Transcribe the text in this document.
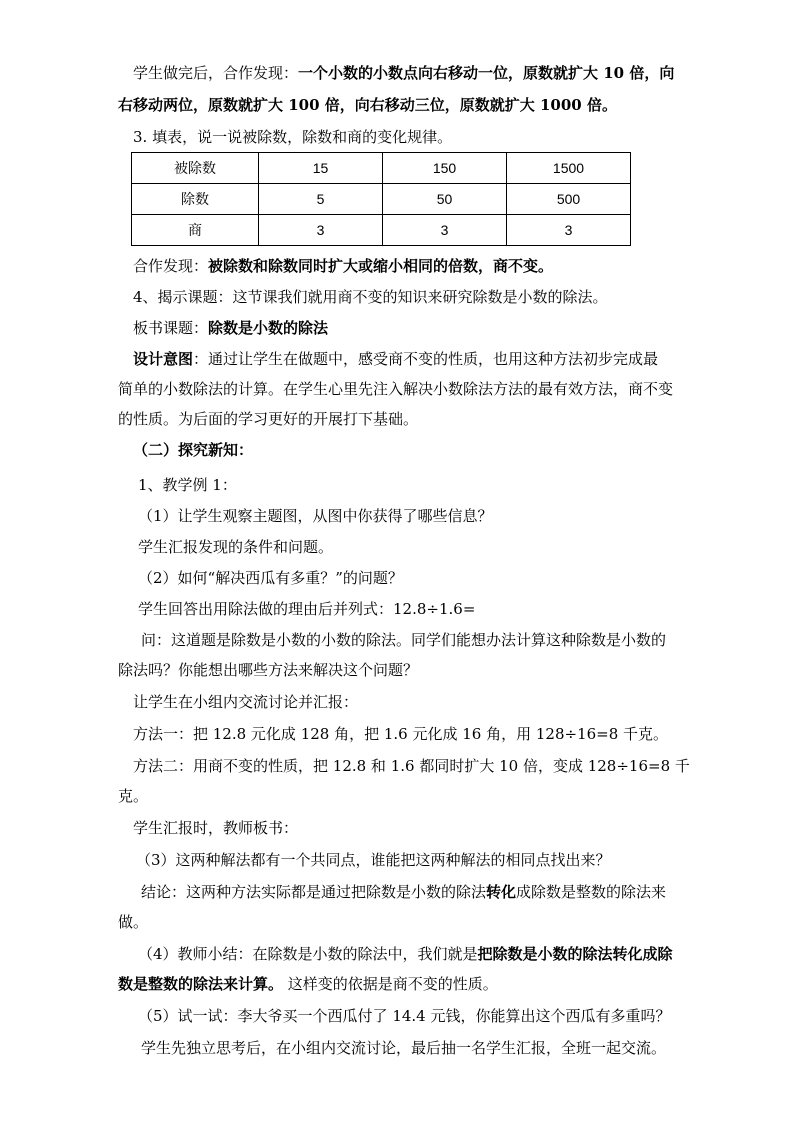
学生做完后，合作发现：一个小数的小数点向右移动一位，原数就扩大 10 倍，向
右移动两位，原数就扩大 100 倍，向右移动三位，原数就扩大 1000 倍。
3. 填表，说一说被除数，除数和商的变化规律。
被除数	15	150	1500
除数	5	50	500
商	3	3	3
合作发现：被除数和除数同时扩大或缩小相同的倍数，商不变。
4、揭示课题：这节课我们就用商不变的知识来研究除数是小数的除法。
板书课题：除数是小数的除法
设计意图：通过让学生在做题中，感受商不变的性质，也用这种方法初步完成最
简单的小数除法的计算。在学生心里先注入解决小数除法方法的最有效方法，商不变
的性质。为后面的学习更好的开展打下基础。
（二）探究新知：
1、教学例 1：
（1）让学生观察主题图，从图中你获得了哪些信息？
学生汇报发现的条件和问题。
（2）如何“解决西瓜有多重？”的问题？
学生回答出用除法做的理由后并列式：12.8÷1.6=
问：这道题是除数是小数的小数的除法。同学们能想办法计算这种除数是小数的
除法吗？你能想出哪些方法来解决这个问题？
让学生在小组内交流讨论并汇报：
方法一：把 12.8 元化成 128 角，把 1.6 元化成 16 角，用 128÷16=8 千克。
方法二：用商不变的性质，把 12.8 和 1.6 都同时扩大 10 倍，变成 128÷16=8 千
克。
学生汇报时，教师板书：
（3）这两种解法都有一个共同点，谁能把这两种解法的相同点找出来？
结论：这两种方法实际都是通过把除数是小数的除法转化成除数是整数的除法来
做。
（4）教师小结：在除数是小数的除法中，我们就是把除数是小数的除法转化成除
数是整数的除法来计算。 这样变的依据是商不变的性质。
（5）试一试：李大爷买一个西瓜付了 14.4 元钱，你能算出这个西瓜有多重吗？
学生先独立思考后，在小组内交流讨论，最后抽一名学生汇报，全班一起交流。
